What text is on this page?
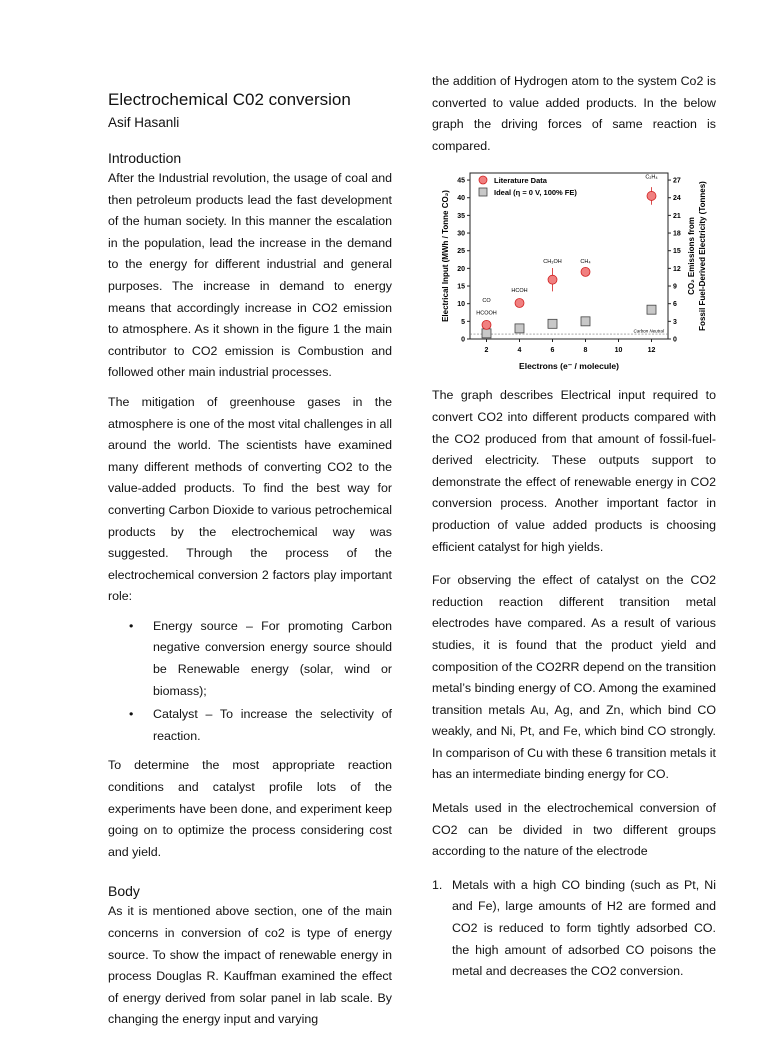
Electrochemical C02 conversion
Asif Hasanli
Introduction

After the Industrial revolution, the usage of coal and then petroleum products lead the fast development of the human society. In this manner the escalation in the population, lead the increase in the demand to the energy for different industrial and general purposes. The increase in demand to energy means that accordingly increase in CO2 emission to atmosphere. As it shown in the figure 1 the main contributor to CO2 emission is Combustion and followed other main industrial processes.

The mitigation of greenhouse gases in the atmosphere is one of the most vital challenges in all around the world. The scientists have examined many different methods of converting CO2 to the value-added products. To find the best way for converting Carbon Dioxide to various petrochemical products by the electrochemical way was suggested. Through the process of the electrochemical conversion 2 factors play important role:

• Energy source – For promoting Carbon negative conversion energy source should be Renewable energy (solar, wind or biomass);
• Catalyst – To increase the selectivity of reaction.

To determine the most appropriate reaction conditions and catalyst profile lots of the experiments have been done, and experiment keep going on to optimize the process considering cost and yield.

Body

As it is mentioned above section, one of the main concerns in conversion of co2 is type of energy source. To show the impact of renewable energy in process Douglas R. Kauffman examined the effect of energy derived from solar panel in lab scale. By changing the energy input and varying

the addition of Hydrogen atom to the system Co2 is converted to value added products. In the below graph the driving forces of same reaction is compared.

2	4	6	8	10	12
0
5
10
15
20
25
30
35
40
45
0
3
6
9
12
15
18
21
24
27
Electrons (e⁻ / molecule)
Electrical Input (MWh / Tonne CO₂)	CO₂ Emissions from Fossil Fuel-Derived Electricity (Tonnes)
Carbon Neutral
CO
HCOOH
HCOH
CH₃OH	CH₄
C₂H₄
Literature Data
Ideal (η = 0 V, 100% FE)

The graph describes Electrical input required to convert CO2 into different products compared with the CO2 produced from that amount of fossil-fuel-derived electricity. These outputs support to demonstrate the effect of renewable energy in CO2 conversion process. Another important factor in production of value added products is choosing efficient catalyst for high yields.

For observing the effect of catalyst on the CO2 reduction reaction different transition metal electrodes have compared. As a result of various studies, it is found that the product yield and composition of the CO2RR depend on the transition metal’s binding energy of CO. Among the examined transition metals Au, Ag, and Zn, which bind CO weakly, and Ni, Pt, and Fe, which bind CO strongly. In comparison of Cu with these 6 transition metals it has an intermediate binding energy for CO.

Metals used in the electrochemical conversion of CO2 can be divided in two different groups according to the nature of the electrode

1. Metals with a high CO binding (such as Pt, Ni and Fe), large amounts of H2 are formed and CO2 is reduced to form tightly adsorbed CO. the high amount of adsorbed CO poisons the metal and decreases the CO2 conversion.
